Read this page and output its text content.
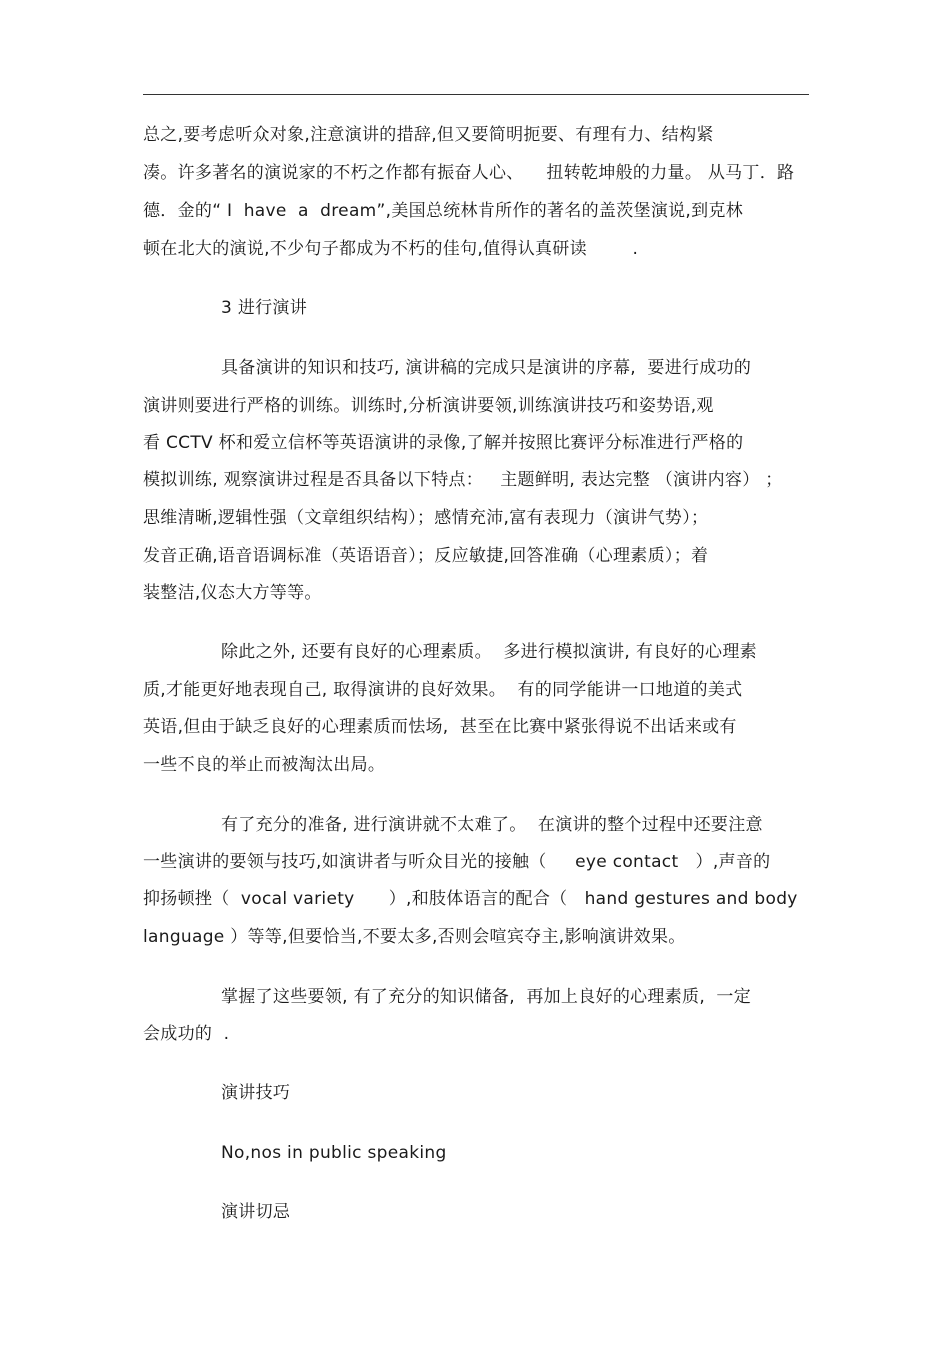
总之,要考虑听众对象,注意演讲的措辞,但又要简明扼要、有理有力、结构紧
凑。许多著名的演说家的不朽之作都有振奋人心、    扭转乾坤般的力量。 从马丁．路
德．金的“ I  have  a  dream”,美国总统林肯所作的著名的盖茨堡演说,到克林
顿在北大的演说,不少句子都成为不朽的佳句,值得认真研读        .
3 进行演讲
具备演讲的知识和技巧, 演讲稿的完成只是演讲的序幕,  要进行成功的
演讲则要进行严格的训练。训练时,分析演讲要领,训练演讲技巧和姿势语,观
看 CCTV 杯和爱立信杯等英语演讲的录像,了解并按照比赛评分标准进行严格的
模拟训练, 观察演讲过程是否具备以下特点：   主题鲜明, 表达完整 （演讲内容） ；
思维清晰,逻辑性强（文章组织结构）；感情充沛,富有表现力（演讲气势）；
发音正确,语音语调标准（英语语音）；反应敏捷,回答准确（心理素质）；着
装整洁,仪态大方等等。
除此之外, 还要有良好的心理素质。  多进行模拟演讲, 有良好的心理素
质,才能更好地表现自己, 取得演讲的良好效果。  有的同学能讲一口地道的美式
英语,但由于缺乏良好的心理素质而怯场,  甚至在比赛中紧张得说不出话来或有
一些不良的举止而被淘汰出局。
有了充分的准备, 进行演讲就不太难了。  在演讲的整个过程中还要注意
一些演讲的要领与技巧,如演讲者与听众目光的接触（     eye contact   ）,声音的
抑扬顿挫（  vocal variety      ）,和肢体语言的配合（   hand gestures and body
language ）等等,但要恰当,不要太多,否则会喧宾夺主,影响演讲效果。
掌握了这些要领, 有了充分的知识储备,  再加上良好的心理素质,  一定
会成功的  .
演讲技巧
No,nos in public speaking
演讲切忌
